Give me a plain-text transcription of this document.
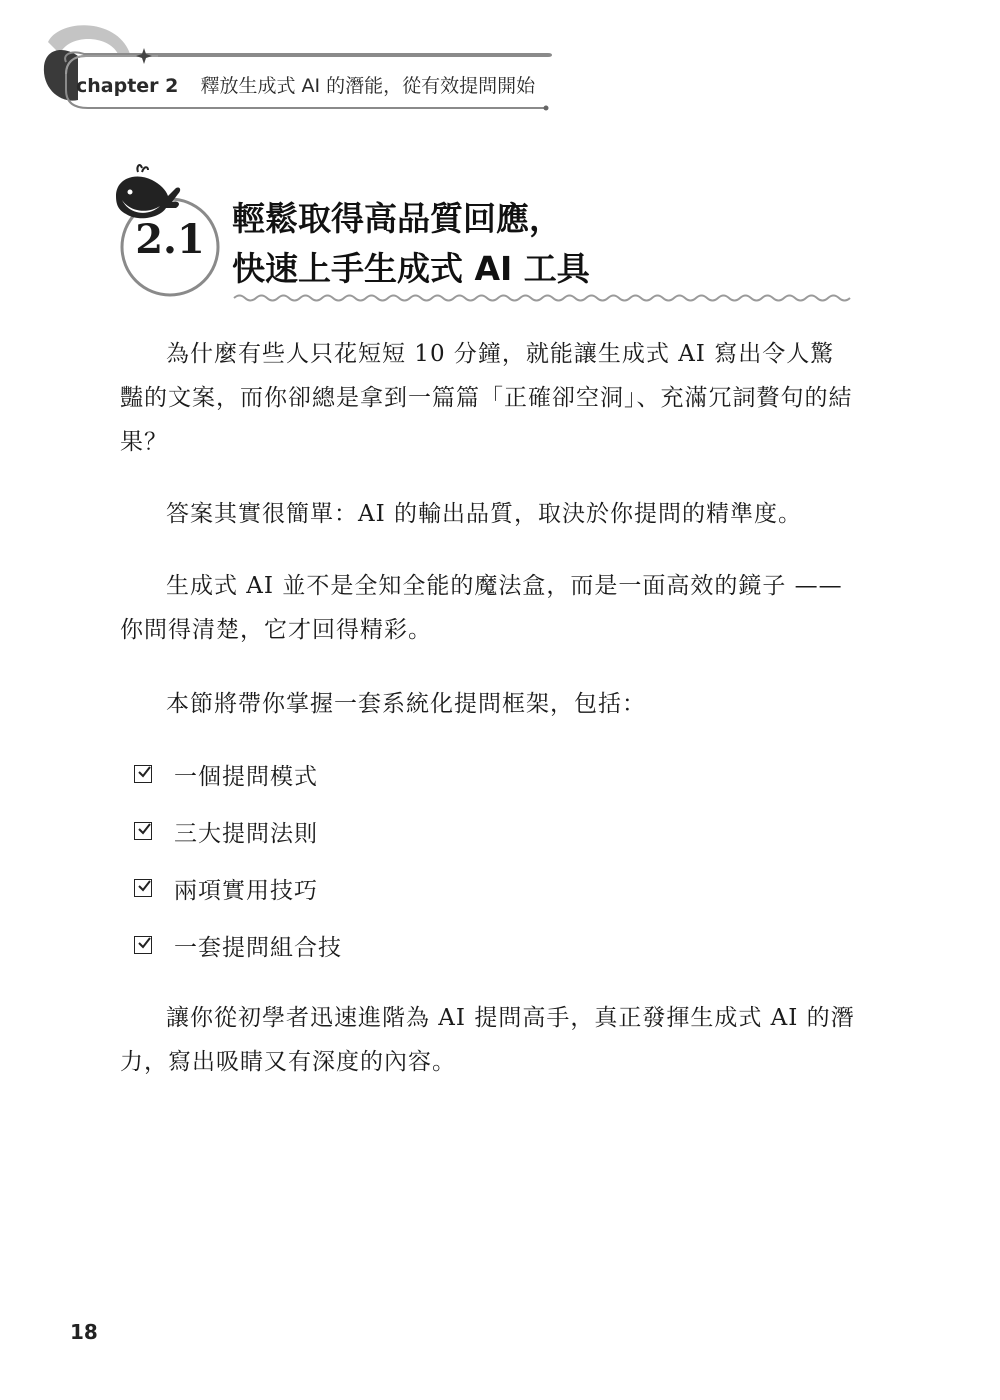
chapter 2 釋放生成式 AI 的潛能，從有效提問開始
2.1 輕鬆取得高品質回應，
快速上手生成式 AI 工具

為什麼有些人只花短短 10 分鐘，就能讓生成式 AI 寫出令人驚豔的文案，而你卻總是拿到一篇篇「正確卻空洞」、充滿冗詞贅句的結果？

答案其實很簡單：AI 的輸出品質，取決於你提問的精準度。

生成式 AI 並不是全知全能的魔法盒，而是一面高效的鏡子 —— 你問得清楚，它才回得精彩。

本節將帶你掌握一套系統化提問框架，包括：

一個提問模式
三大提問法則
兩項實用技巧
一套提問組合技

讓你從初學者迅速進階為 AI 提問高手，真正發揮生成式 AI 的潛力，寫出吸睛又有深度的內容。

18
